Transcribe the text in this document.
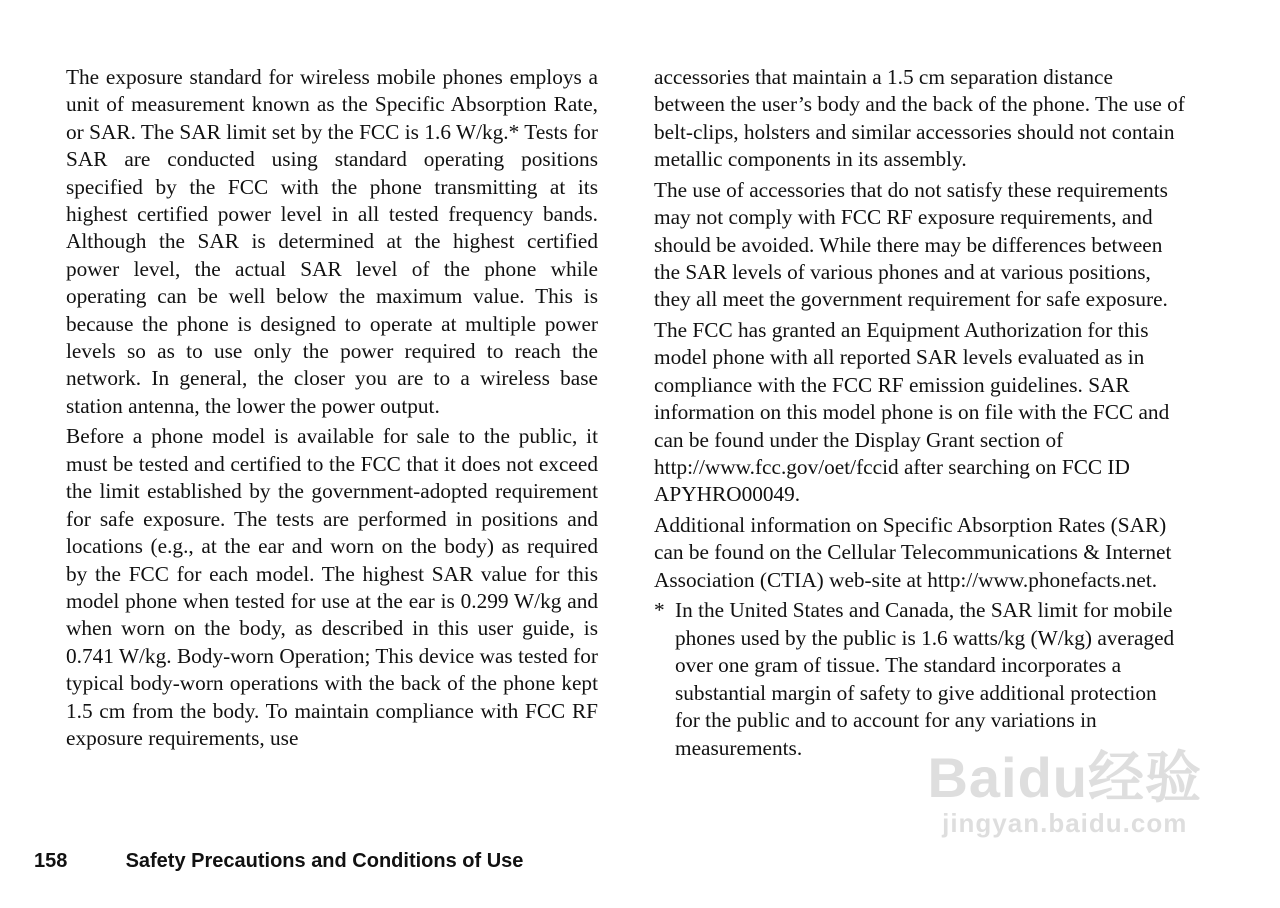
The exposure standard for wireless mobile phones employs a unit of measurement known as the Specific Absorption Rate, or SAR. The SAR limit set by the FCC is 1.6 W/kg.* Tests for SAR are conducted using standard operating positions specified by the FCC with the phone transmitting at its highest certified power level in all tested frequency bands. Although the SAR is determined at the highest certified power level, the actual SAR level of the phone while operating can be well below the maximum value. This is because the phone is designed to operate at multiple power levels so as to use only the power required to reach the network. In general, the closer you are to a wireless base station antenna, the lower the power output.

Before a phone model is available for sale to the public, it must be tested and certified to the FCC that it does not exceed the limit established by the government-adopted requirement for safe exposure. The tests are performed in positions and locations (e.g., at the ear and worn on the body) as required by the FCC for each model. The highest SAR value for this model phone when tested for use at the ear is 0.299 W/kg and when worn on the body, as described in this user guide, is 0.741 W/kg. Body-worn Operation; This device was tested for typical body-worn operations with the back of the phone kept 1.5 cm from the body. To maintain compliance with FCC RF exposure requirements, use

accessories that maintain a 1.5 cm separation distance between the user’s body and the back of the phone. The use of belt-clips, holsters and similar accessories should not contain metallic components in its assembly.

The use of accessories that do not satisfy these requirements may not comply with FCC RF exposure requirements, and should be avoided. While there may be differences between the SAR levels of various phones and at various positions, they all meet the government requirement for safe exposure.

The FCC has granted an Equipment Authorization for this model phone with all reported SAR levels evaluated as in compliance with the FCC RF emission guidelines. SAR information on this model phone is on file with the FCC and can be found under the Display Grant section of http://www.fcc.gov/oet/fccid after searching on FCC ID APYHRO00049.

Additional information on Specific Absorption Rates (SAR) can be found on the Cellular Telecommunications & Internet Association (CTIA) web-site at http://www.phonefacts.net.

* In the United States and Canada, the SAR limit for mobile phones used by the public is 1.6 watts/kg (W/kg) averaged over one gram of tissue. The standard incorporates a substantial margin of safety to give additional protection for the public and to account for any variations in measurements.

158	Safety Precautions and Conditions of Use
Baidu经验
jingyan.baidu.com
